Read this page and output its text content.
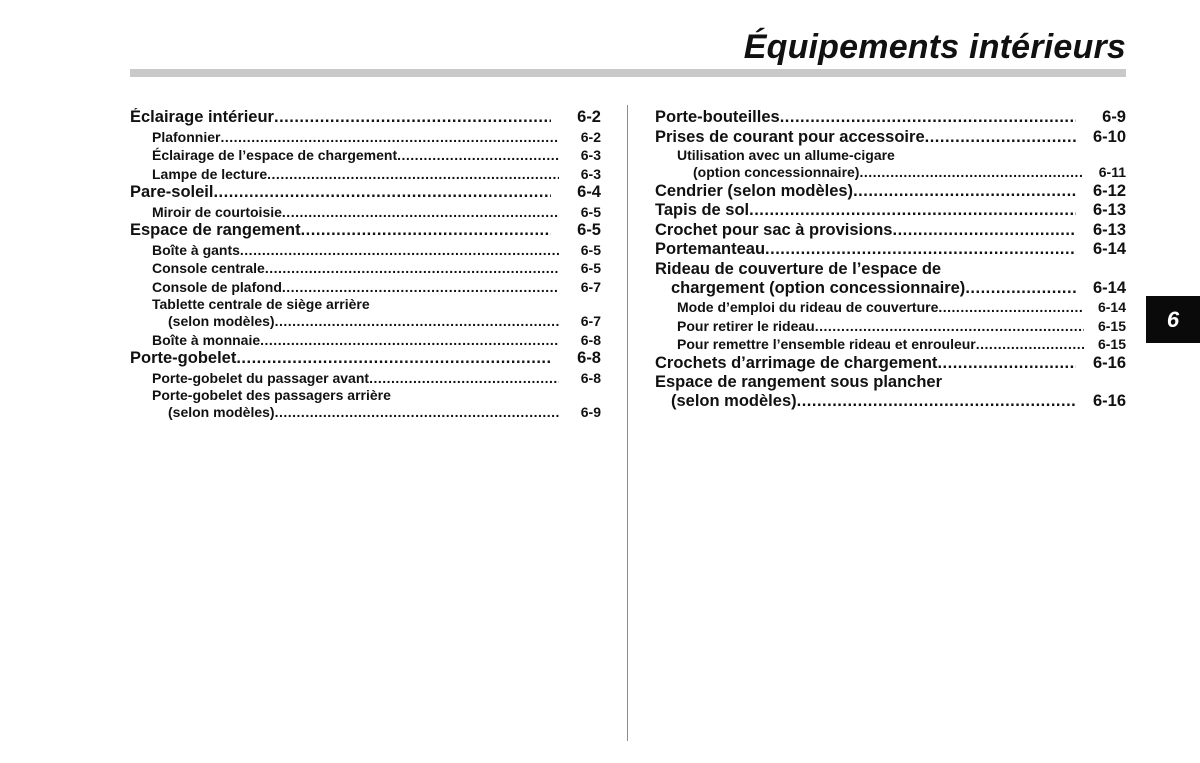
Équipements intérieurs
6
Éclairage intérieur .....	6-2
Plafonnier .....	6-2
Éclairage de l’espace de chargement .....	6-3
Lampe de lecture .....	6-3
Pare-soleil .....	6-4
Miroir de courtoisie .....	6-5
Espace de rangement .....	6-5
Boîte à gants .....	6-5
Console centrale .....	6-5
Console de plafond .....	6-7
Tablette centrale de siège arrière
(selon modèles) .....	6-7
Boîte à monnaie .....	6-8
Porte-gobelet .....	6-8
Porte-gobelet du passager avant .....	6-8
Porte-gobelet des passagers arrière
(selon modèles) .....	6-9
Porte-bouteilles .....	6-9
Prises de courant pour accessoire .....	6-10
Utilisation avec un allume-cigare
(option concessionnaire) .....	6-11
Cendrier (selon modèles) .....	6-12
Tapis de sol .....	6-13
Crochet pour sac à provisions .....	6-13
Portemanteau .....	6-14
Rideau de couverture de l’espace de
chargement (option concessionnaire) .....	6-14
Mode d’emploi du rideau de couverture .....	6-14
Pour retirer le rideau .....	6-15
Pour remettre l’ensemble rideau et enrouleur .....	6-15
Crochets d’arrimage de chargement .....	6-16
Espace de rangement sous plancher
(selon modèles) .....	6-16
